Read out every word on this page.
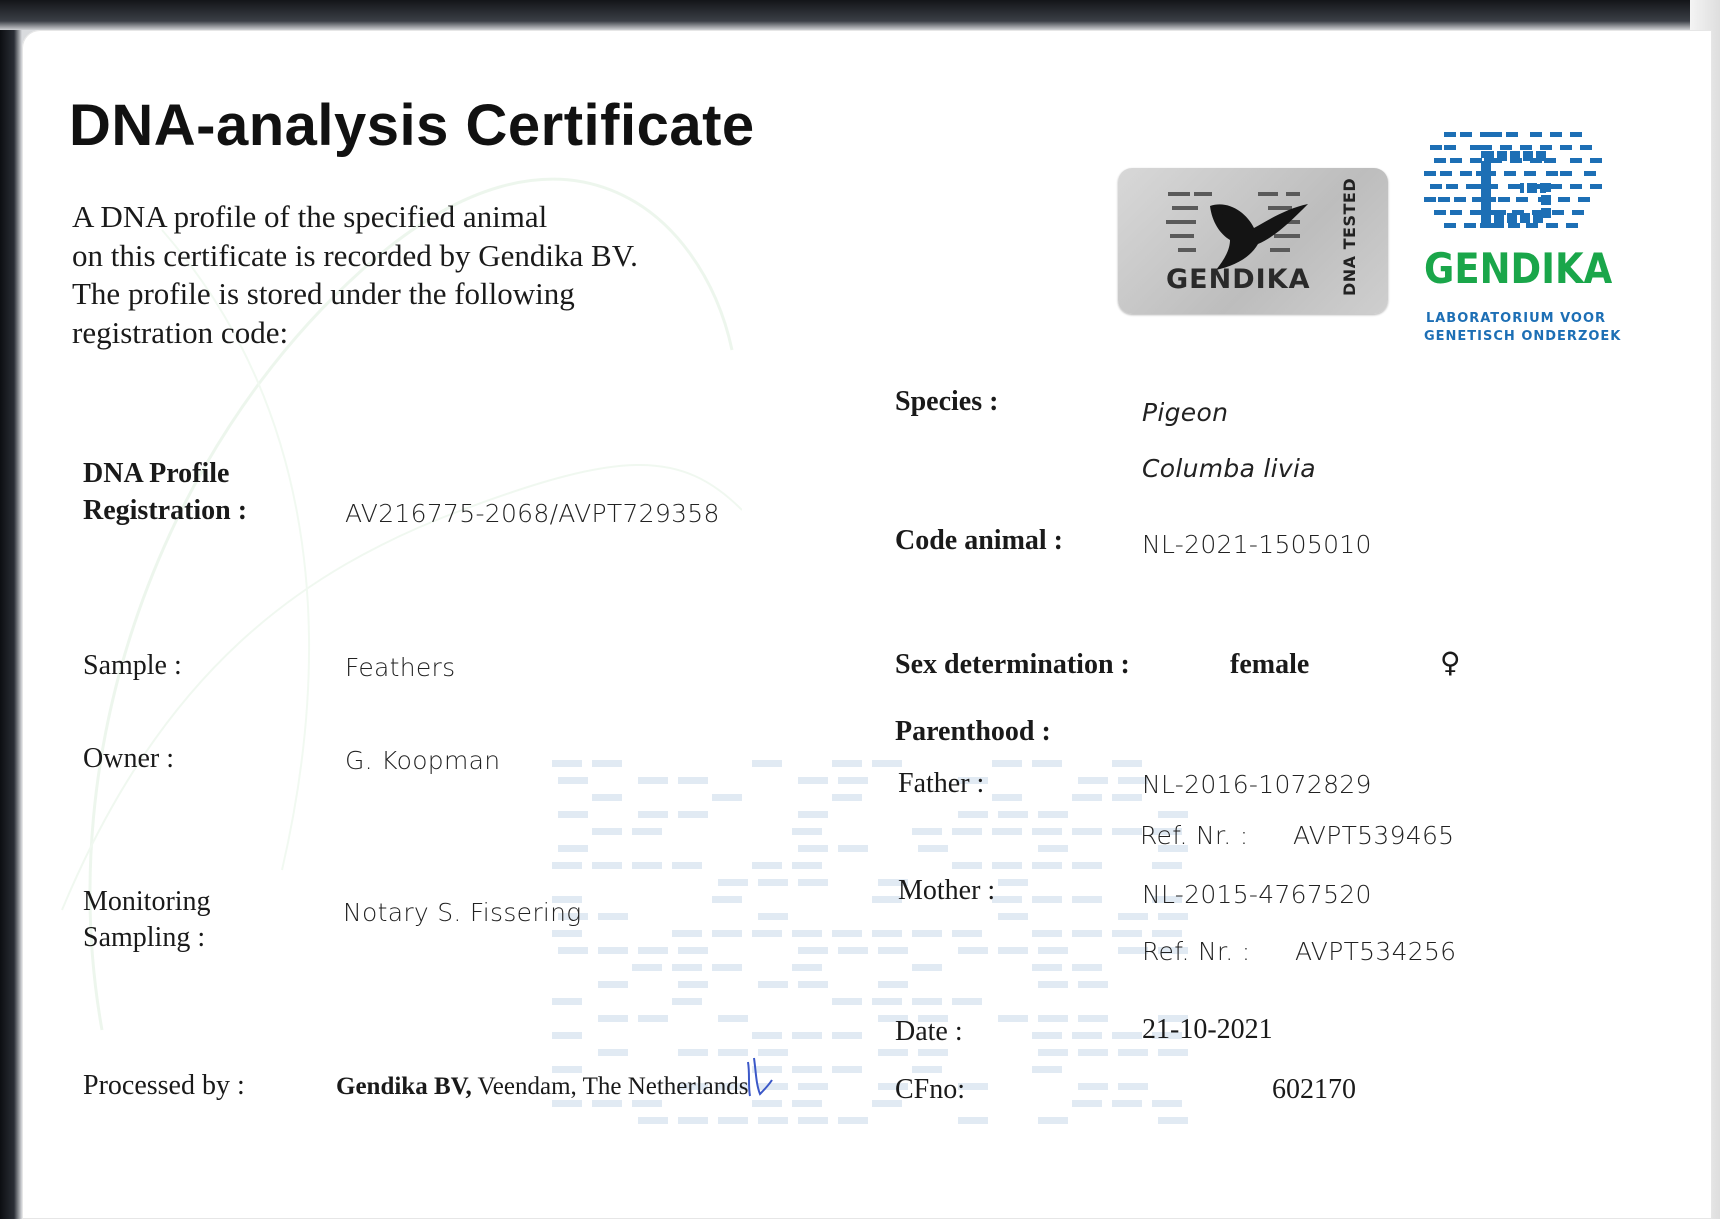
DNA-analysis Certificate
A DNA profile of the specified animal
on this certificate is recorded by Gendika BV.
The profile is stored under the following
registration code:
GENDIKA DNA TESTED GENDIKA
LABORATORIUM VOOR
GENETISCH ONDERZOEK
DNA Profile
Registration :	AV216775-2068/AVPT729358
Sample :	Feathers
Owner :	G. Koopman
Monitoring
Sampling :
Notary S. Fissering
Processed by :	Gendika BV, Veendam, The Netherlands
Species :	Pigeon
Columba livia
Code animal :	NL-2021-1505010
Sex determination :	female	♀
Parenthood :
Father :	NL-2016-1072829
Ref. Nr. : AVPT539465
Mother :	NL-2015-4767520
Ref. Nr. : AVPT534256
Date :	21-10-2021
CFno:	602170
